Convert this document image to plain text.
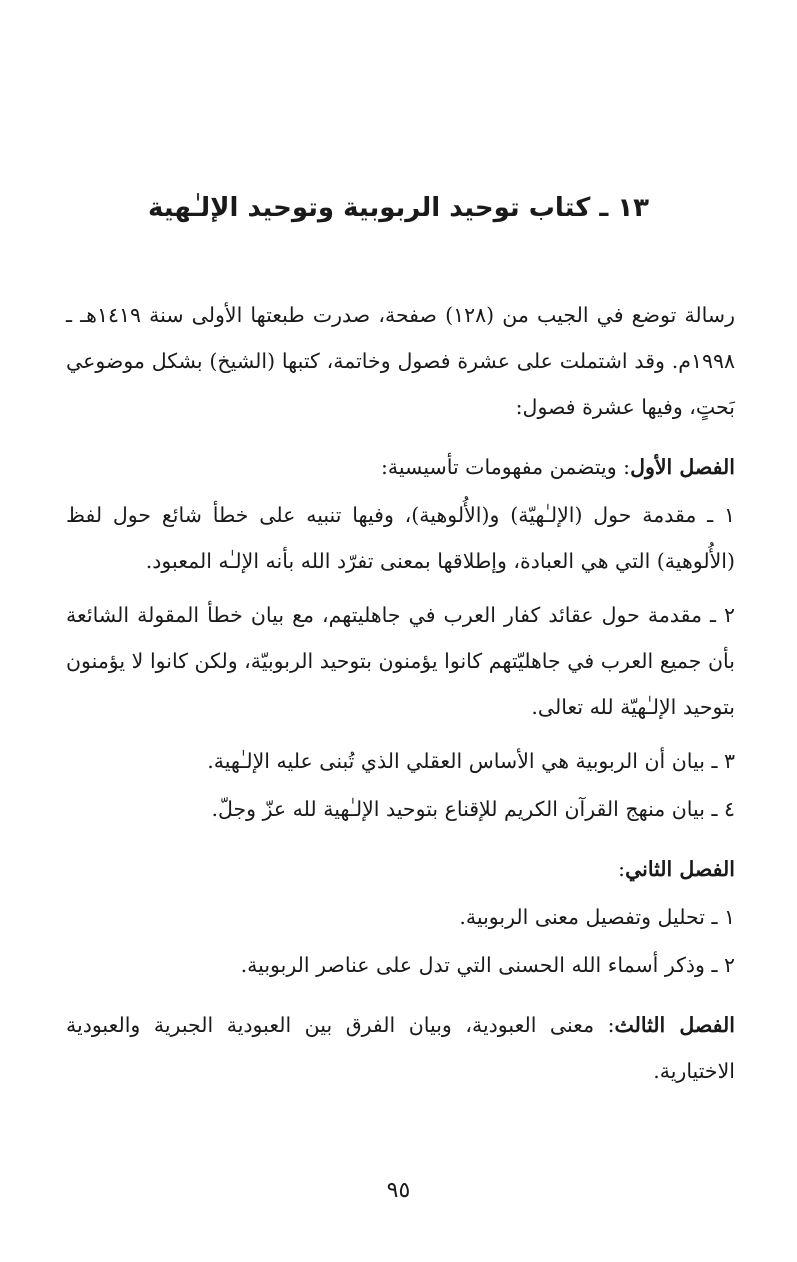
١٣ ـ كتاب توحيد الربوبية وتوحيد الإلـٰهية

رسالة توضع في الجيب من (١٢٨) صفحة، صدرت طبعتها الأولى سنة ١٤١٩هـ ـ ١٩٩٨م. وقد اشتملت على عشرة فصول وخاتمة، كتبها (الشيخ) بشكل موضوعي بَحتٍ، وفيها عشرة فصول:

الفصل الأول: ويتضمن مفهومات تأسيسية:

١ ـ مقدمة حول (الإلـٰهيّة) و(الأُلوهية)، وفيها تنبيه على خطأ شائع حول لفظ (الأُلوهية) التي هي العبادة، وإطلاقها بمعنى تفرّد الله بأنه الإلـٰه المعبود.

٢ ـ مقدمة حول عقائد كفار العرب في جاهليتهم، مع بيان خطأ المقولة الشائعة بأن جميع العرب في جاهليّتهم كانوا يؤمنون بتوحيد الربوبيّة، ولكن كانوا لا يؤمنون بتوحيد الإلـٰهيّة لله تعالى.

٣ ـ بيان أن الربوبية هي الأساس العقلي الذي تُبنى عليه الإلـٰهية.

٤ ـ بيان منهج القرآن الكريم للإقناع بتوحيد الإلـٰهية لله عزّ وجلّ.

الفصل الثاني:

١ ـ تحليل وتفصيل معنى الربوبية.

٢ ـ وذكر أسماء الله الحسنى التي تدل على عناصر الربوبية.

الفصل الثالث: معنى العبودية، وبيان الفرق بين العبودية الجبرية والعبودية الاختيارية.

٩٥
